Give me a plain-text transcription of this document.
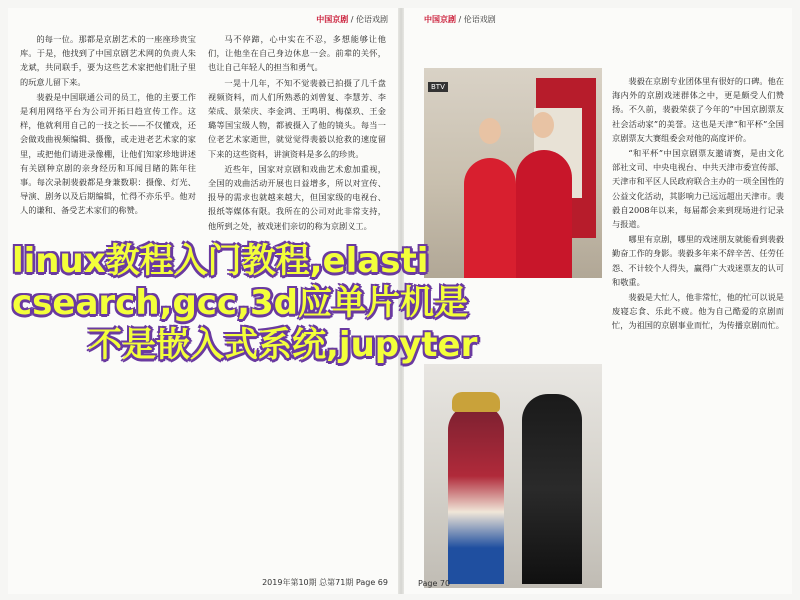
中国京剧 / 伦语戏剧

的每一位。那都是京剧艺术的一座座珍贵宝库。于是，他找到了中国京剧艺术网的负责人朱龙斌，共同联手，要为这些艺术家把他们肚子里的玩意儿留下来。

裴毅是中国联通公司的员工，他的主要工作是利用网络平台为公司开拓日趋宣传工作。这样，他就利用自己的一技之长——不仅懂戏，还会做戏曲视频编辑、摄像，或走进老艺术家的家里，或把他们请进录像棚，让他们知家珍地讲述有关剧种京剧的亲身经历和耳闻目睹的陈年往事。每次录制裴毅都是身兼数职：摄像、灯光、导演、剧务以及后期编辑，忙得不亦乐乎。他对人的谦和、备受艺术家们的称赞。

马不停蹄，心中实在不忍，多想能够让他们，让他坐在自己身边休息一会。前辈的关怀，也让自己年轻人的担当和勇气。

一晃十几年，不知不觉裴毅已拍摄了几千盘视频资料，而人们所熟悉的刘曾复、李慧芳、李荣成、景荣庆、李金鸿、王鸣明、梅葆玖、王金璐等国宝级人物，都被摄入了他的镜头。每当一位老艺术家逝世，就觉觉得裴毅以抢救的速度留下来的这些资料，讲演资料是多么的珍贵。

近些年，国家对京剧和戏曲艺术愈加重视，全国的戏曲活动开展也日益增多，所以对宣传、报导的需求也就越来越大，但国家级的电视台、报纸等媒体有限。我所在的公司对此非常支持，他所到之处，被戏迷们亲切的称为京剧义工。

2019年第10期 总第71期 Page 69
中国京剧 / 伦语戏剧
BTV

裴毅在京剧专业团体里有很好的口碑。他在海内外的京剧戏迷群体之中，更是颇受人们赞扬。不久前，裴毅荣获了今年的“中国京剧票友社会活动家”的美誉。这也是天津“和平杯”全国京剧票友大赛组委会对他的高度评价。

“和平杯”中国京剧票友邀请赛，是由文化部社文司、中央电视台、中共天津市委宣传部、天津市和平区人民政府联合主办的一项全国性的公益文化活动，其影响力已远远超出天津市。裴毅自2008年以来，每届都会来到现场进行记录与报道。

哪里有京剧，哪里的戏迷朋友就能看到裴毅勤奋工作的身影。裴毅多年来不辞辛苦、任劳任怨、不计较个人得失，赢得广大戏迷票友的认可和敬重。

裴毅是大忙人，他非常忙，他的忙可以说是废寝忘食、乐此不疲。他为自己酷爱的京剧而忙，为祖国的京剧事业而忙，为传播京剧而忙。

Page 70
linux教程入门教程,elasti
csearch,gcc,3d应单片机是
不是嵌入式系统,jupyter
